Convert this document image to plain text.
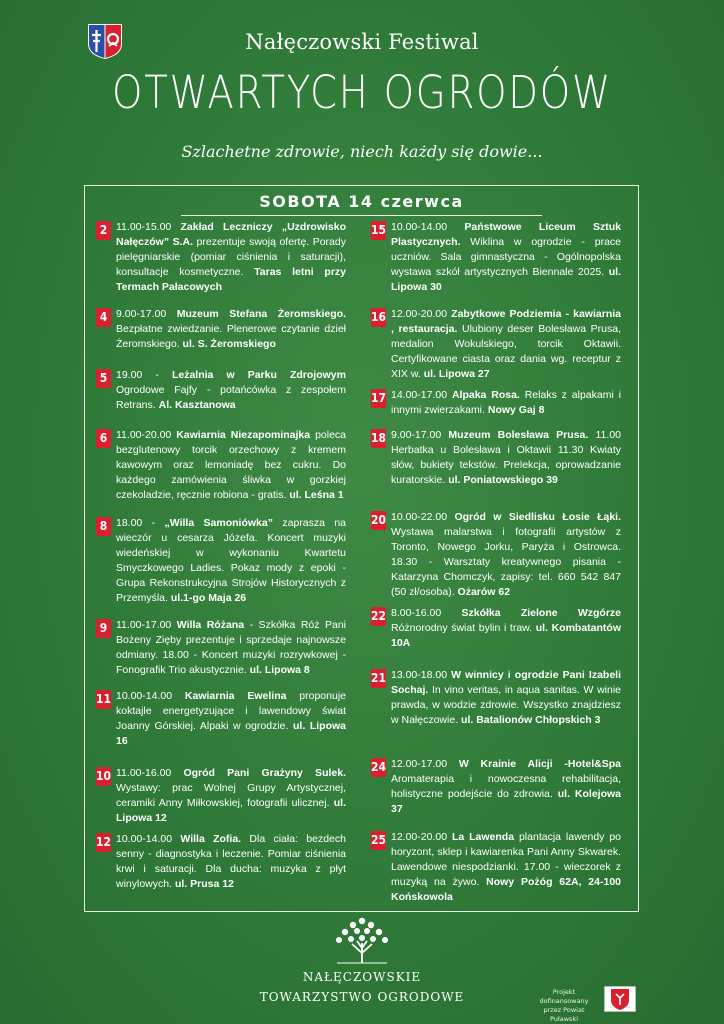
Nałęczowski Festiwal
OTWARTYCH OGRODÓW
Szlachetne zdrowie, niech każdy się dowie...
SOBOTA 14 czerwca
2 11.00-15.00 Zakład Leczniczy „Uzdrowisko Nałęczów” S.A. prezentuje swoją ofertę. Porady pielęgniarskie (pomiar ciśnienia i saturacji), konsultacje kosmetyczne. Taras letni przy Termach Pałacowych
4 9.00-17.00 Muzeum Stefana Żeromskiego. Bezpłatne zwiedzanie. Plenerowe czytanie dzieł Żeromskiego. ul. S. Żeromskiego
5 19.00 - Leżalnia w Parku Zdrojowym Ogrodowe Fajfy - potańcówka z zespołem Retrans. Al. Kasztanowa
6 11.00-20.00 Kawiarnia Niezapominajka poleca bezglutenowy torcik orzechowy z kremem kawowym oraz lemoniadę bez cukru. Do każdego zamówienia śliwka w gorzkiej czekoladzie, ręcznie robiona - gratis. ul. Leśna 1
8 18.00 - „Willa Samoniówka” zaprasza na wieczór u cesarza Józefa. Koncert muzyki wiedeńskiej w wykonaniu Kwartetu Smyczkowego Ladies. Pokaz mody z epoki - Grupa Rekonstrukcyjna Strojów Historycznych z Przemyśla. ul.1-go Maja 26
9 11.00-17.00 Willa Różana - Szkółka Róż Pani Bożeny Zięby prezentuje i sprzedaje najnowsze odmiany. 18.00 - Koncert muzyki rozrywkowej - Fonografik Trio akustycznie. ul. Lipowa 8
11 10.00-14.00 Kawiarnia Ewelina proponuje koktajle energetyzujące i lawendowy świat Joanny Górskiej. Alpaki w ogrodzie. ul. Lipowa 16
10 11.00-16.00 Ogród Pani Grażyny Sulek. Wystawy: prac Wolnej Grupy Artystycznej, ceramiki Anny Miłkowskiej, fotografii ulicznej. ul. Lipowa 12
12 10.00-14.00 Willa Zofia. Dla ciała: bezdech senny - diagnostyka i leczenie. Pomiar ciśnienia krwi i saturacji. Dla ducha: muzyka z płyt winylowych. ul. Prusa 12
15 10.00-14.00 Państwowe Liceum Sztuk Plastycznych. Wiklina w ogrodzie - prace uczniów. Sala gimnastyczna - Ogólnopolska wystawa szkół artystycznych Biennale 2025. ul. Lipowa 30
16 12.00-20.00 Zabytkowe Podziemia - kawiarnia , restauracja. Ulubiony deser Bolesława Prusa, medalion Wokulskiego, torcik Oktawii. Certyfikowane ciasta oraz dania wg. receptur z XIX w. ul. Lipowa 27
17 14.00-17.00 Alpaka Rosa. Relaks z alpakami i innymi zwierzakami. Nowy Gaj 8
18 9.00-17.00 Muzeum Bolesława Prusa. 11.00 Herbatka u Bolesława i Oktawii 11.30 Kwiaty słów, bukiety tekstów. Prelekcja, oprowadzanie kuratorskie. ul. Poniatowskiego 39
20 10.00-22.00 Ogród w Siedlisku Łosie Łąki. Wystawa malarstwa i fotografii artystów z Toronto, Nowego Jorku, Paryża i Ostrowca. 18.30 - Warsztaty kreatywnego pisania - Katarzyna Chomczyk, zapisy: tel. 660 542 847 (50 zł/osoba). Ożarów 62
22 8.00-16.00 Szkółka Zielone Wzgórze Różnorodny świat bylin i traw. ul. Kombatantów 10A
21 13.00-18.00 W winnicy i ogrodzie Pani Izabeli Sochaj. In vino veritas, in aqua sanitas. W winie prawda, w wodzie zdrowie. Wszystko znajdziesz w Nałęczowie. ul. Batalionów Chłopskich 3
24 12.00-17.00 W Krainie Alicji -Hotel&Spa Aromaterapia i nowoczesna rehabilitacja, holistyczne podejście do zdrowia. ul. Kolejowa 37
25 12.00-20.00 La Lawenda plantacja lawendy po horyzont, sklep i kawiarenka Pani Anny Skwarek. Lawendowe niespodzianki. 17.00 - wieczorek z muzyką na żywo. Nowy Pożóg 62A, 24-100 Końskowola
NAŁĘCZOWSKIE
TOWARZYSTWO OGRODOWE	Projekt dofinansowany
przez Powiat Puławski
